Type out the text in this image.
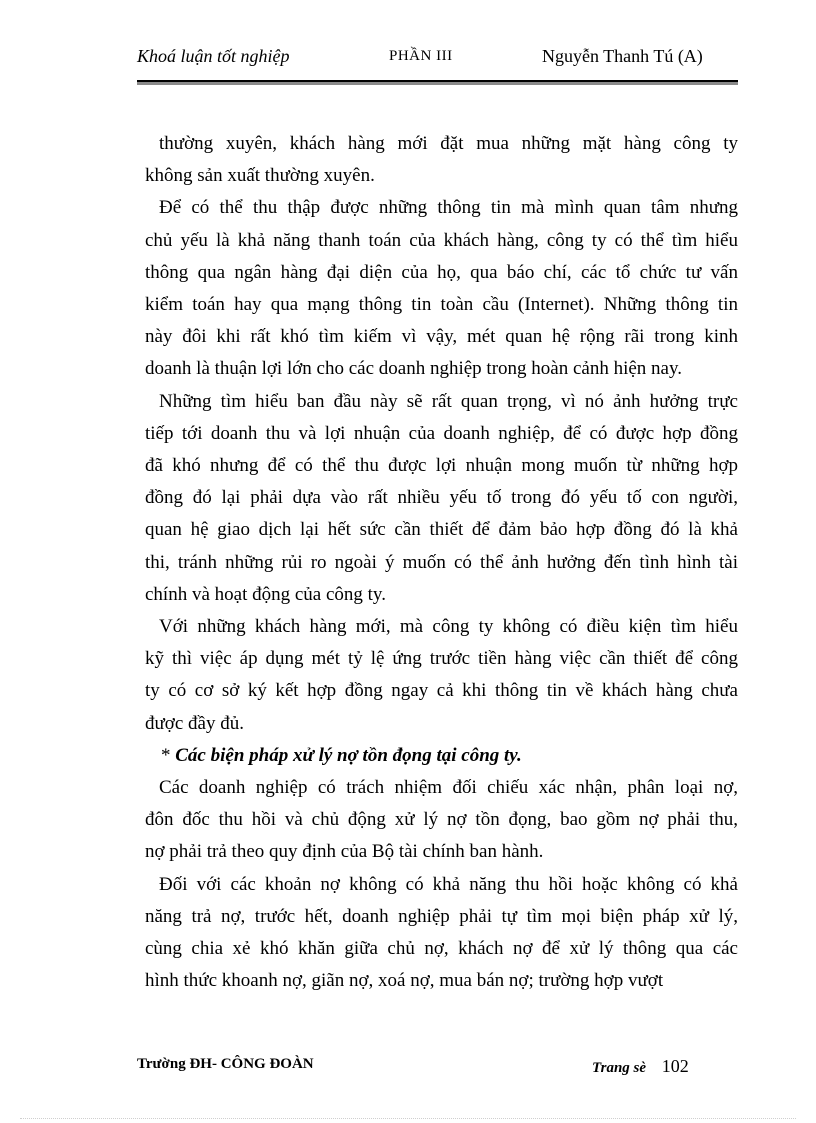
Khoá luận tốt nghiệp	PHẦN III	Nguyễn Thanh Tú (A)
thường xuyên, khách hàng mới đặt mua những mặt hàng công ty
không sản xuất thường xuyên.
Để có thể thu thập được những thông tin mà mình quan tâm nhưng
chủ yếu là khả năng thanh toán của khách hàng, công ty có thể tìm hiểu
thông qua ngân hàng đại diện của họ, qua báo chí, các tổ chức tư vấn
kiểm toán hay qua mạng thông tin toàn cầu (Internet). Những thông tin
này đôi khi rất khó tìm kiếm vì vậy, mét quan hệ rộng rãi trong kinh
doanh là thuận lợi lớn cho các doanh nghiệp trong hoàn cảnh hiện nay.
Những tìm hiểu ban đầu này sẽ rất quan trọng, vì nó ảnh hưởng trực
tiếp tới doanh thu và lợi nhuận của doanh nghiệp, để có được hợp đồng
đã khó nhưng để có thể thu được lợi nhuận mong muốn từ những hợp
đồng đó lại phải dựa vào rất nhiều yếu tố trong đó yếu tố con người,
quan hệ giao dịch lại hết sức cần thiết để đảm bảo hợp đồng đó là khả
thi, tránh những rủi ro ngoài ý muốn có thể ảnh hưởng đến tình hình tài
chính và hoạt động của công ty.
Với những khách hàng mới, mà công ty không có điều kiện tìm hiểu
kỹ thì việc áp dụng mét tỷ lệ ứng trước tiền hàng việc cần thiết để công
ty có cơ sở ký kết hợp đồng ngay cả khi thông tin về khách hàng chưa
được đầy đủ.
* Các biện pháp xử lý nợ tồn đọng tại công ty.
Các doanh nghiệp có trách nhiệm đối chiếu xác nhận, phân loại nợ,
đôn đốc thu hồi và chủ động xử lý nợ tồn đọng, bao gồm nợ phải thu,
nợ phải trả theo quy định của Bộ tài chính ban hành.
Đối với các khoản nợ không có khả năng thu hồi hoặc không có khả
năng trả nợ, trước hết, doanh nghiệp phải tự tìm mọi biện pháp xử lý,
cùng chia xẻ khó khăn giữa chủ nợ, khách nợ để xử lý thông qua các
hình thức khoanh nợ, giãn nợ, xoá nợ, mua bán nợ; trường hợp vượt
Trường ĐH- CÔNG ĐOÀN	Trang sè 102
